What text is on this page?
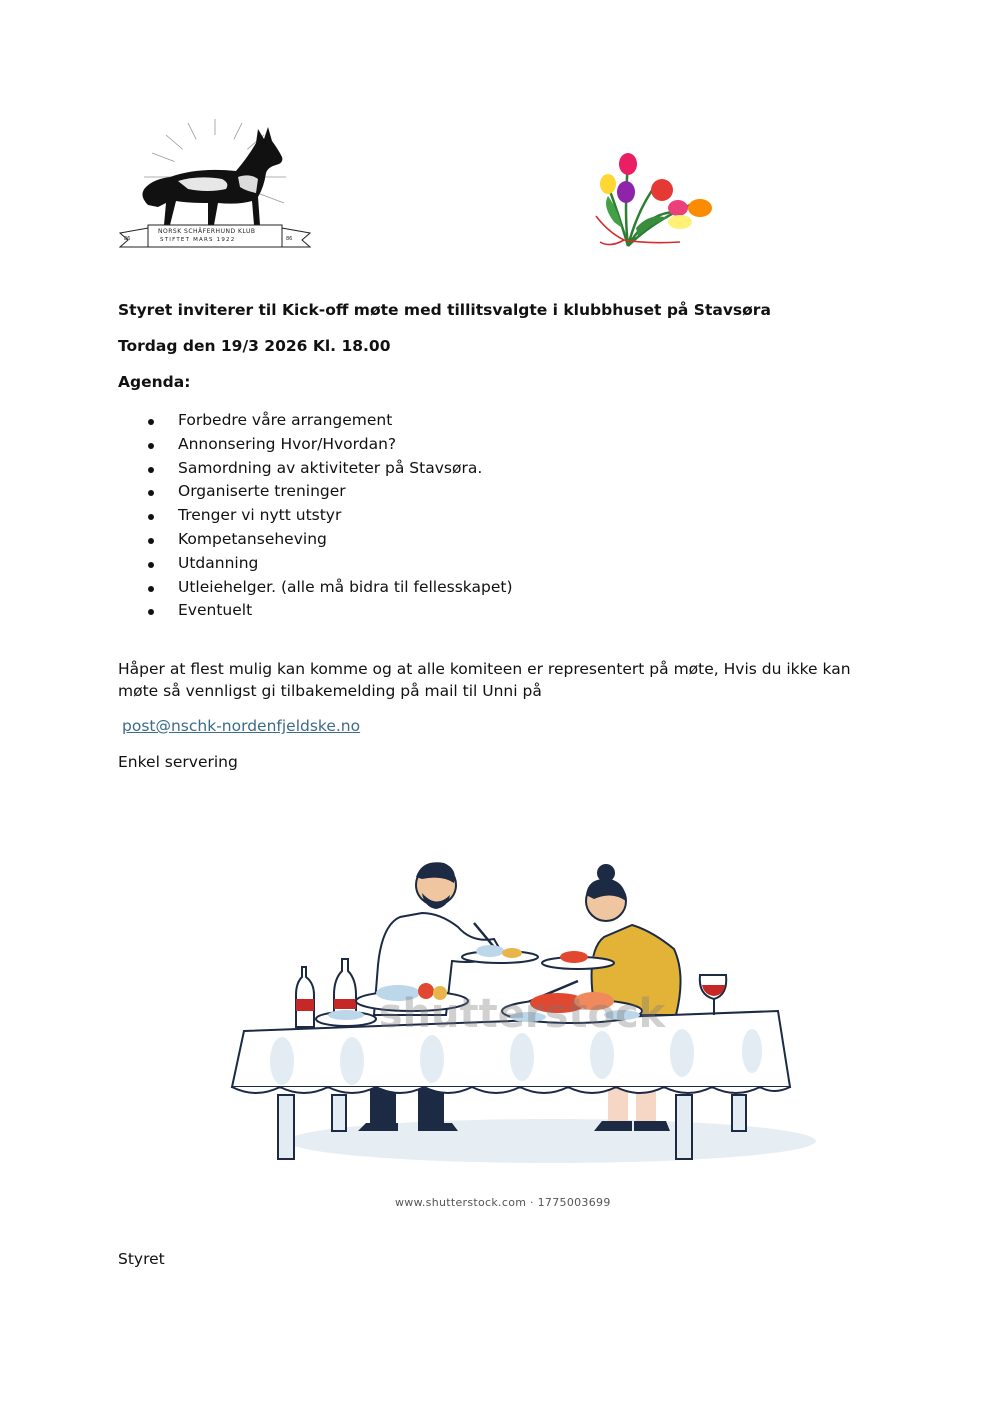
NORSK SCHÄFERHUND KLUB
STIFTET MARS 1922
86	86
Styret inviterer til Kick-off møte med tillitsvalgte i klubbhuset på Stavsøra
Tordag den 19/3 2026 Kl. 18.00
Agenda:
Forbedre våre arrangement
Annonsering Hvor/Hvordan?
Samordning av aktiviteter på Stavsøra.
Organiserte treninger
Trenger vi nytt utstyr
Kompetanseheving
Utdanning
Utleiehelger. (alle må bidra til fellesskapet)
Eventuelt
Håper at flest mulig kan komme og at alle komiteen er representert på møte, Hvis du ikke kan møte så vennligst gi tilbakemelding på mail til Unni på
post@nschk-nordenfjeldske.no
Enkel servering
shutterstock
www.shutterstock.com · 1775003699
Styret
